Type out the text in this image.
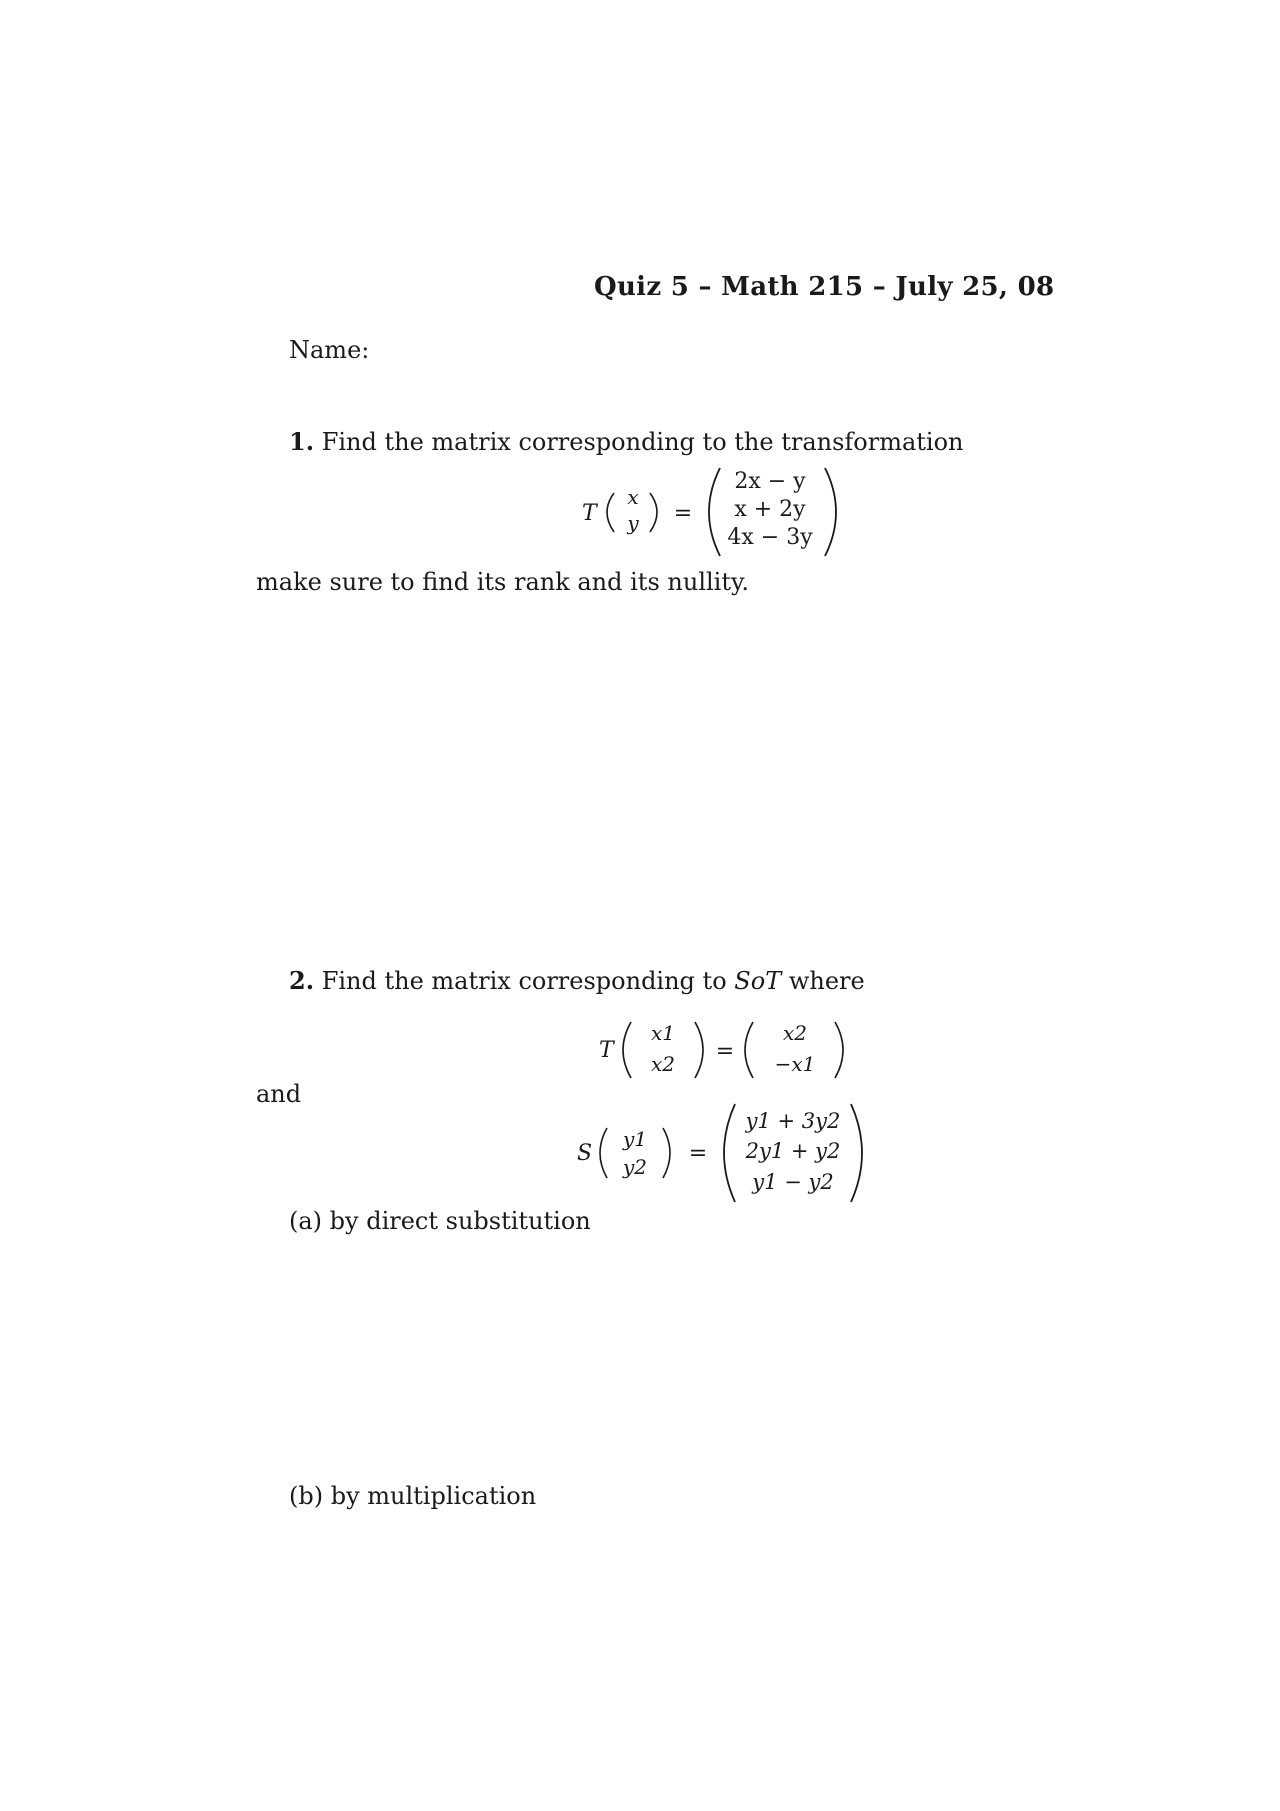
Quiz 5 – Math 215 – July 25, 08
Name:
1. Find the matrix corresponding to the transformation
T
x
y =
2x − y
x + 2y
4x − 3y
make sure to find its rank and its nullity.
2. Find the matrix corresponding to SoT where
T
x1
x2 =
x2
−x1
and
S
y1
y2
=
y1 + 3y2
2y1 + y2
y1 − y2
(a) by direct substitution
(b) by multiplication
